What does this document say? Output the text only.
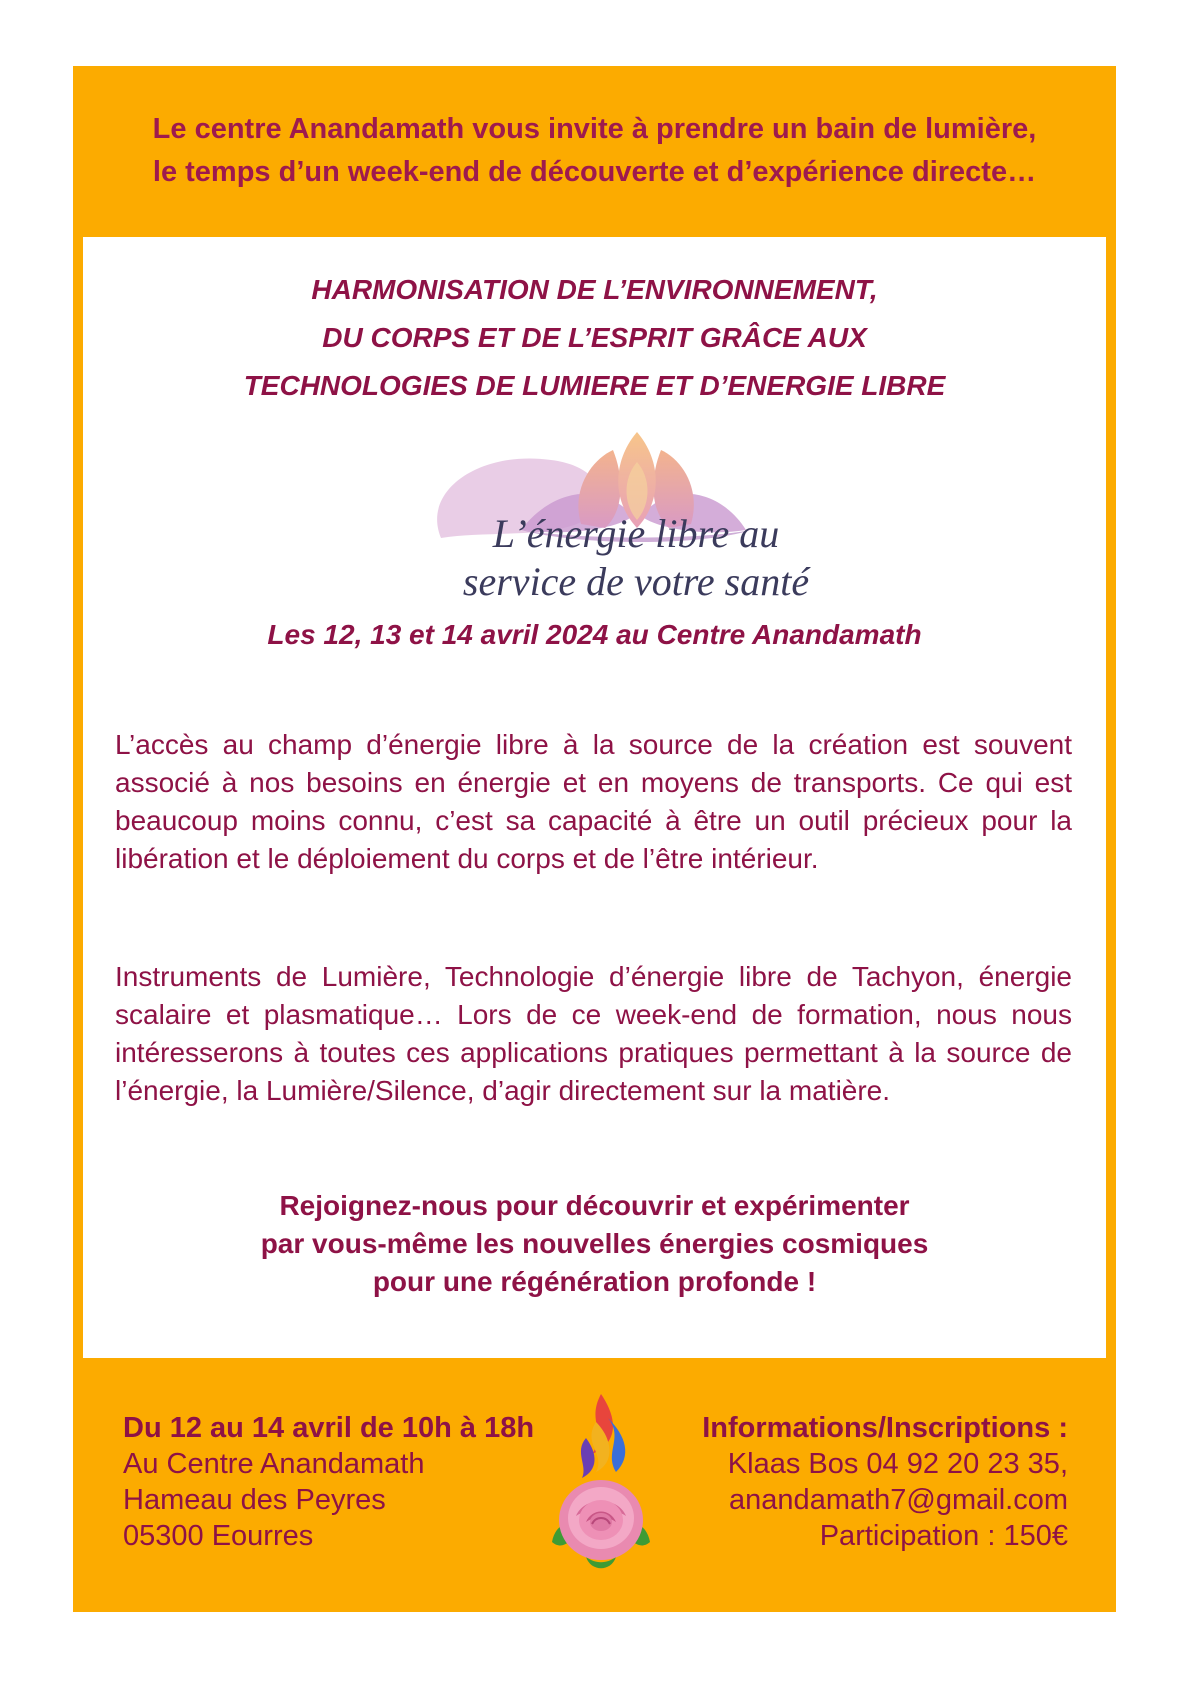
Le centre Anandamath vous invite à prendre un bain de lumière,
le temps d’un week-end de découverte et d’expérience directe…
HARMONISATION DE L’ENVIRONNEMENT,
DU CORPS ET DE L’ESPRIT GRÂCE AUX
TECHNOLOGIES DE LUMIERE ET D’ENERGIE LIBRE
L’énergie libre au
service de votre santé
Les 12, 13 et 14 avril 2024 au Centre Anandamath
L’accès au champ d’énergie libre à la source de la création est souvent associé à nos besoins en énergie et en moyens de transports. Ce qui est beaucoup moins connu, c’est sa capacité à être un outil précieux pour la libération et le déploiement du corps et de l’être intérieur.
Instruments de Lumière, Technologie d’énergie libre de Tachyon, énergie scalaire et plasmatique… Lors de ce week-end de formation, nous nous intéresserons à toutes ces applications pratiques permettant à la source de l’énergie, la Lumière/Silence, d’agir directement sur la matière.
Rejoignez-nous pour découvrir et expérimenter
par vous-même les nouvelles énergies cosmiques
pour une régénération profonde !
Du 12 au 14 avril de 10h à 18h
Au Centre Anandamath
Hameau des Peyres
05300 Eourres
Informations/Inscriptions :
Klaas Bos 04 92 20 23 35,
anandamath7@gmail.com
Participation : 150€
